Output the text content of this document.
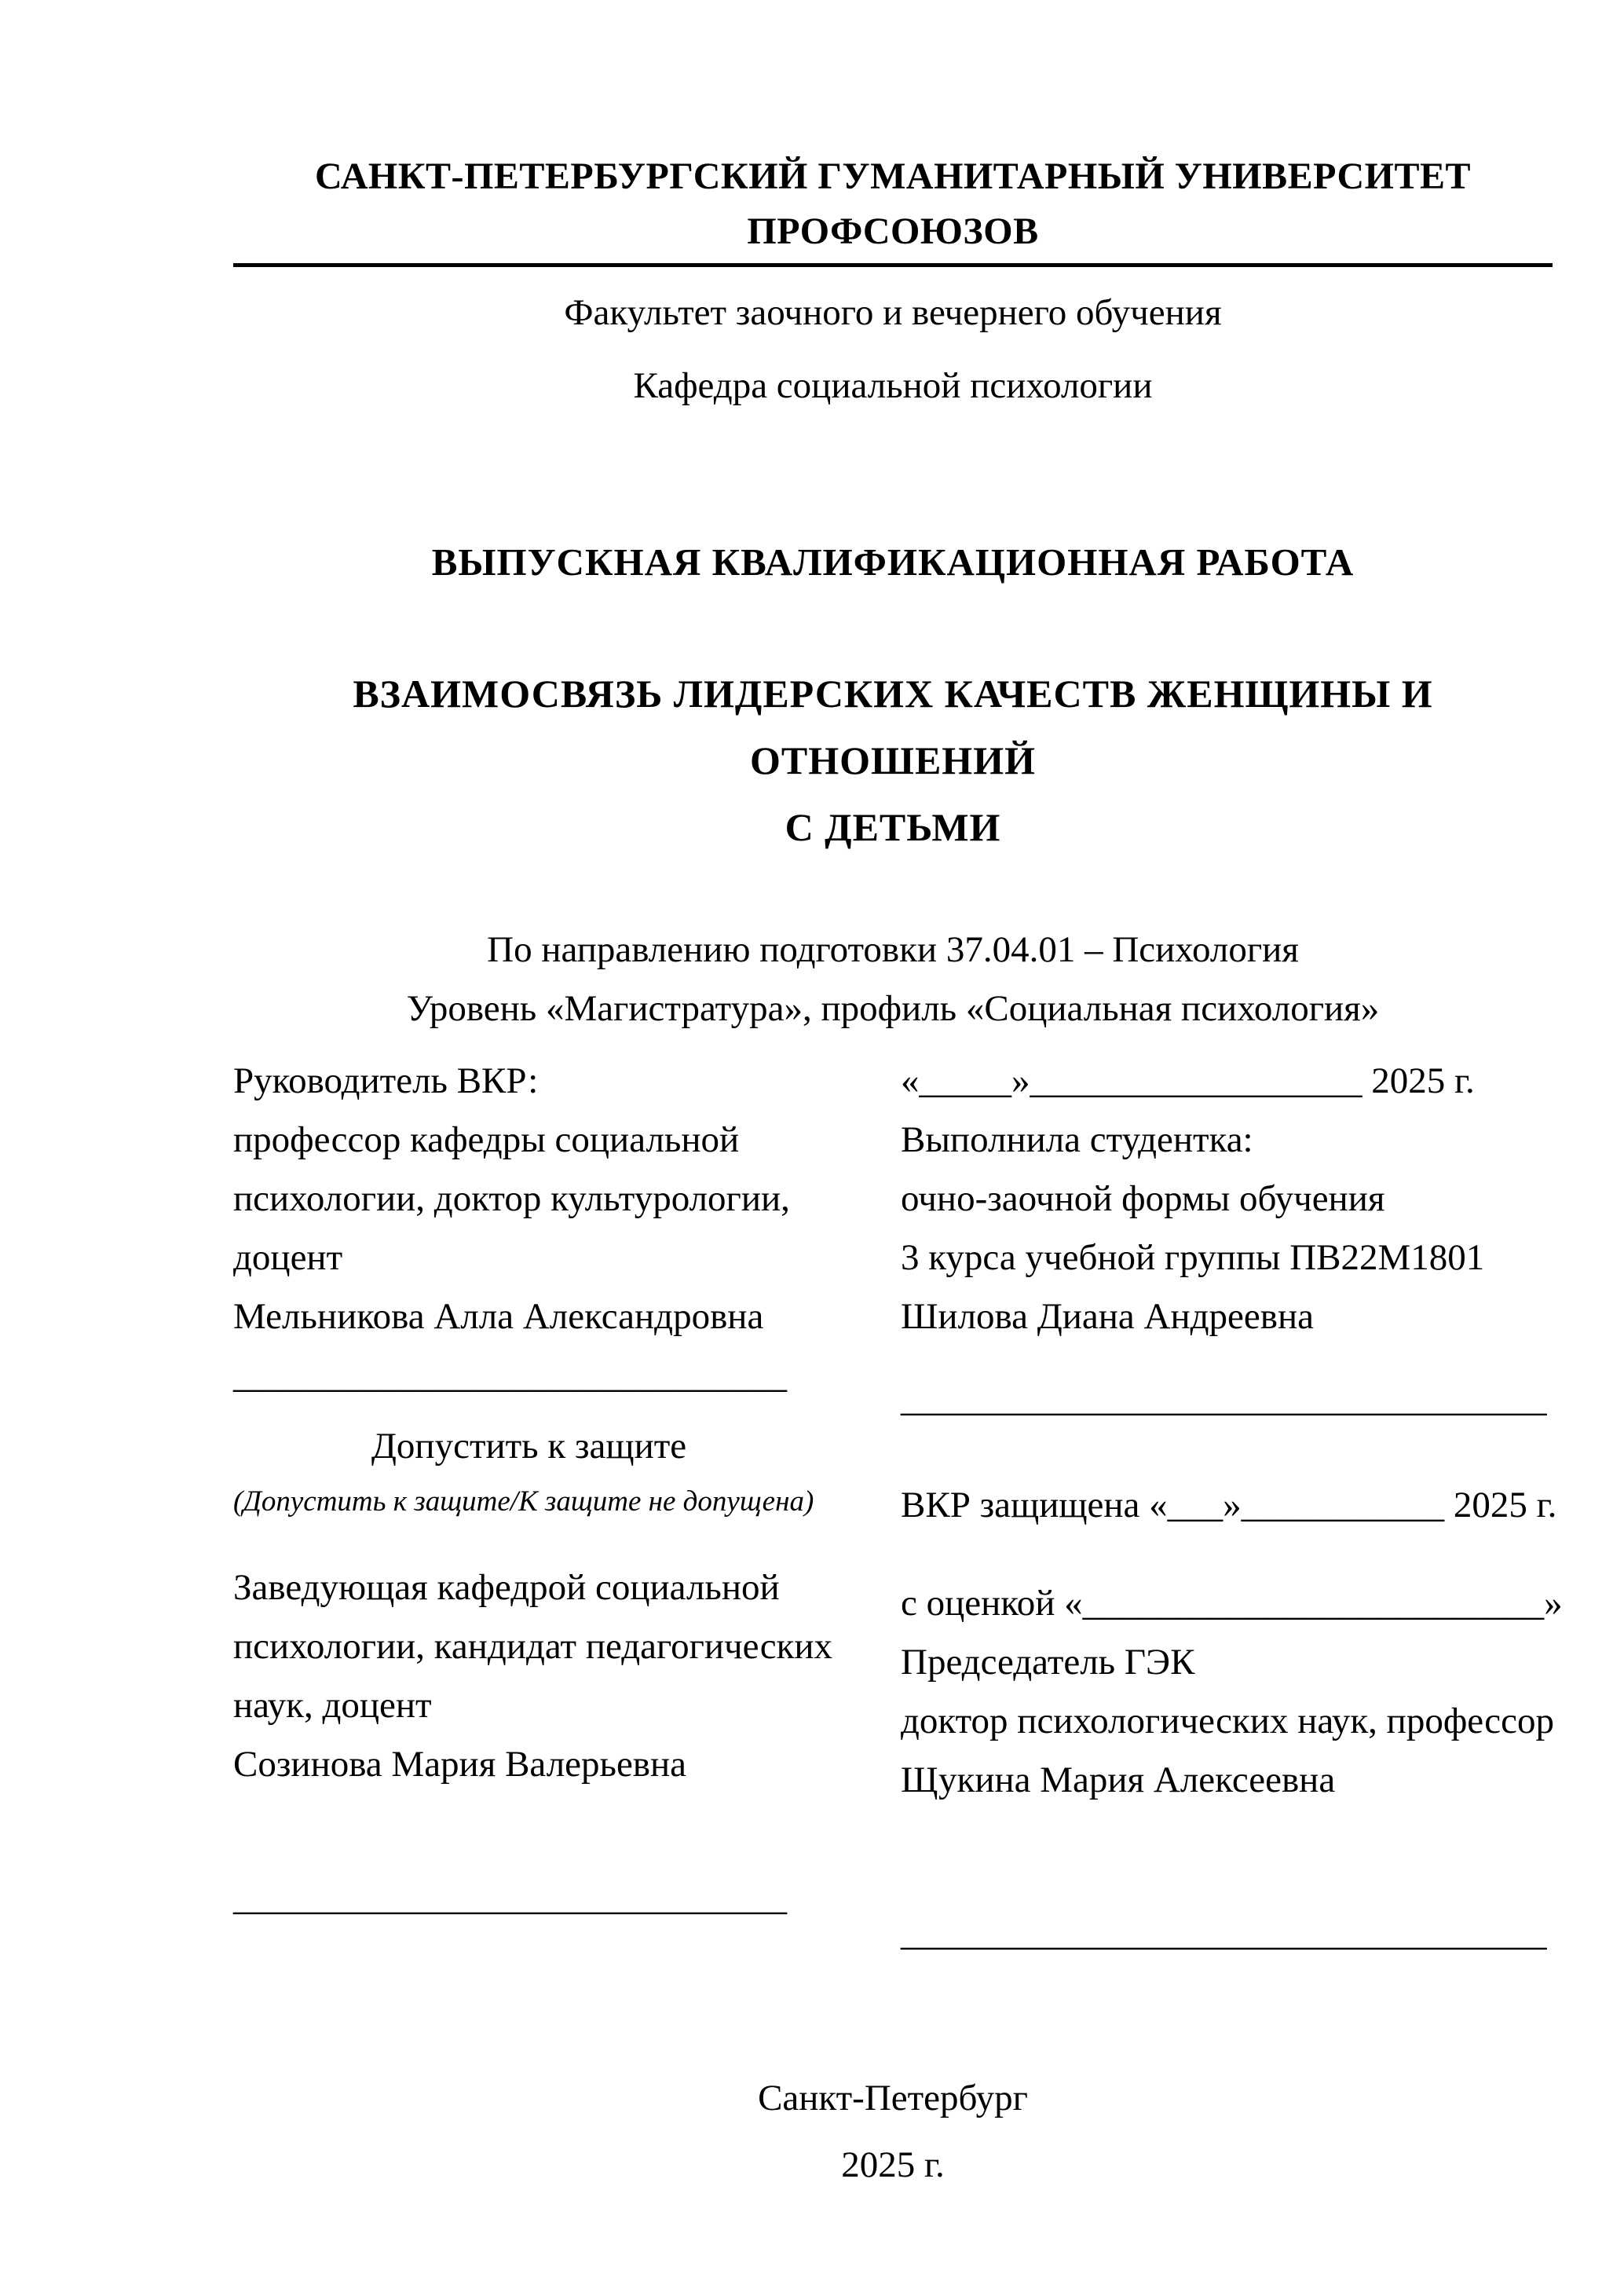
САНКТ-ПЕТЕРБУРГСКИЙ ГУМАНИТАРНЫЙ УНИВЕРСИТЕТ ПРОФСОЮЗОВ
Факультет заочного и вечернего обучения
Кафедра социальной психологии
ВЫПУСКНАЯ КВАЛИФИКАЦИОННАЯ РАБОТА
ВЗАИМОСВЯЗЬ ЛИДЕРСКИХ КАЧЕСТВ ЖЕНЩИНЫ И ОТНОШЕНИЙ
С ДЕТЬМИ
По направлению подготовки 37.04.01 – Психология
Уровень «Магистратура», профиль «Социальная психология»
Руководитель ВКР:
профессор кафедры социальной
психологии, доктор культурологии,
доцент
Мельникова Алла Александровна
______________________________
Допустить к защите
(Допустить к защите/К защите не допущена)
Заведующая кафедрой социальной
психологии, кандидат педагогических
наук, доцент
Созинова Мария Валерьевна
______________________________
«_____»__________________ 2025 г.
Выполнила студентка:
очно-заочной формы обучения
3 курса учебной группы ПВ22М1801
Шилова Диана Андреевна
___________________________________
ВКР защищена «___»___________ 2025 г.
с оценкой «_________________________»
Председатель ГЭК
доктор психологических наук, профессор
Щукина Мария Алексеевна
___________________________________
Санкт-Петербург
2025 г.
